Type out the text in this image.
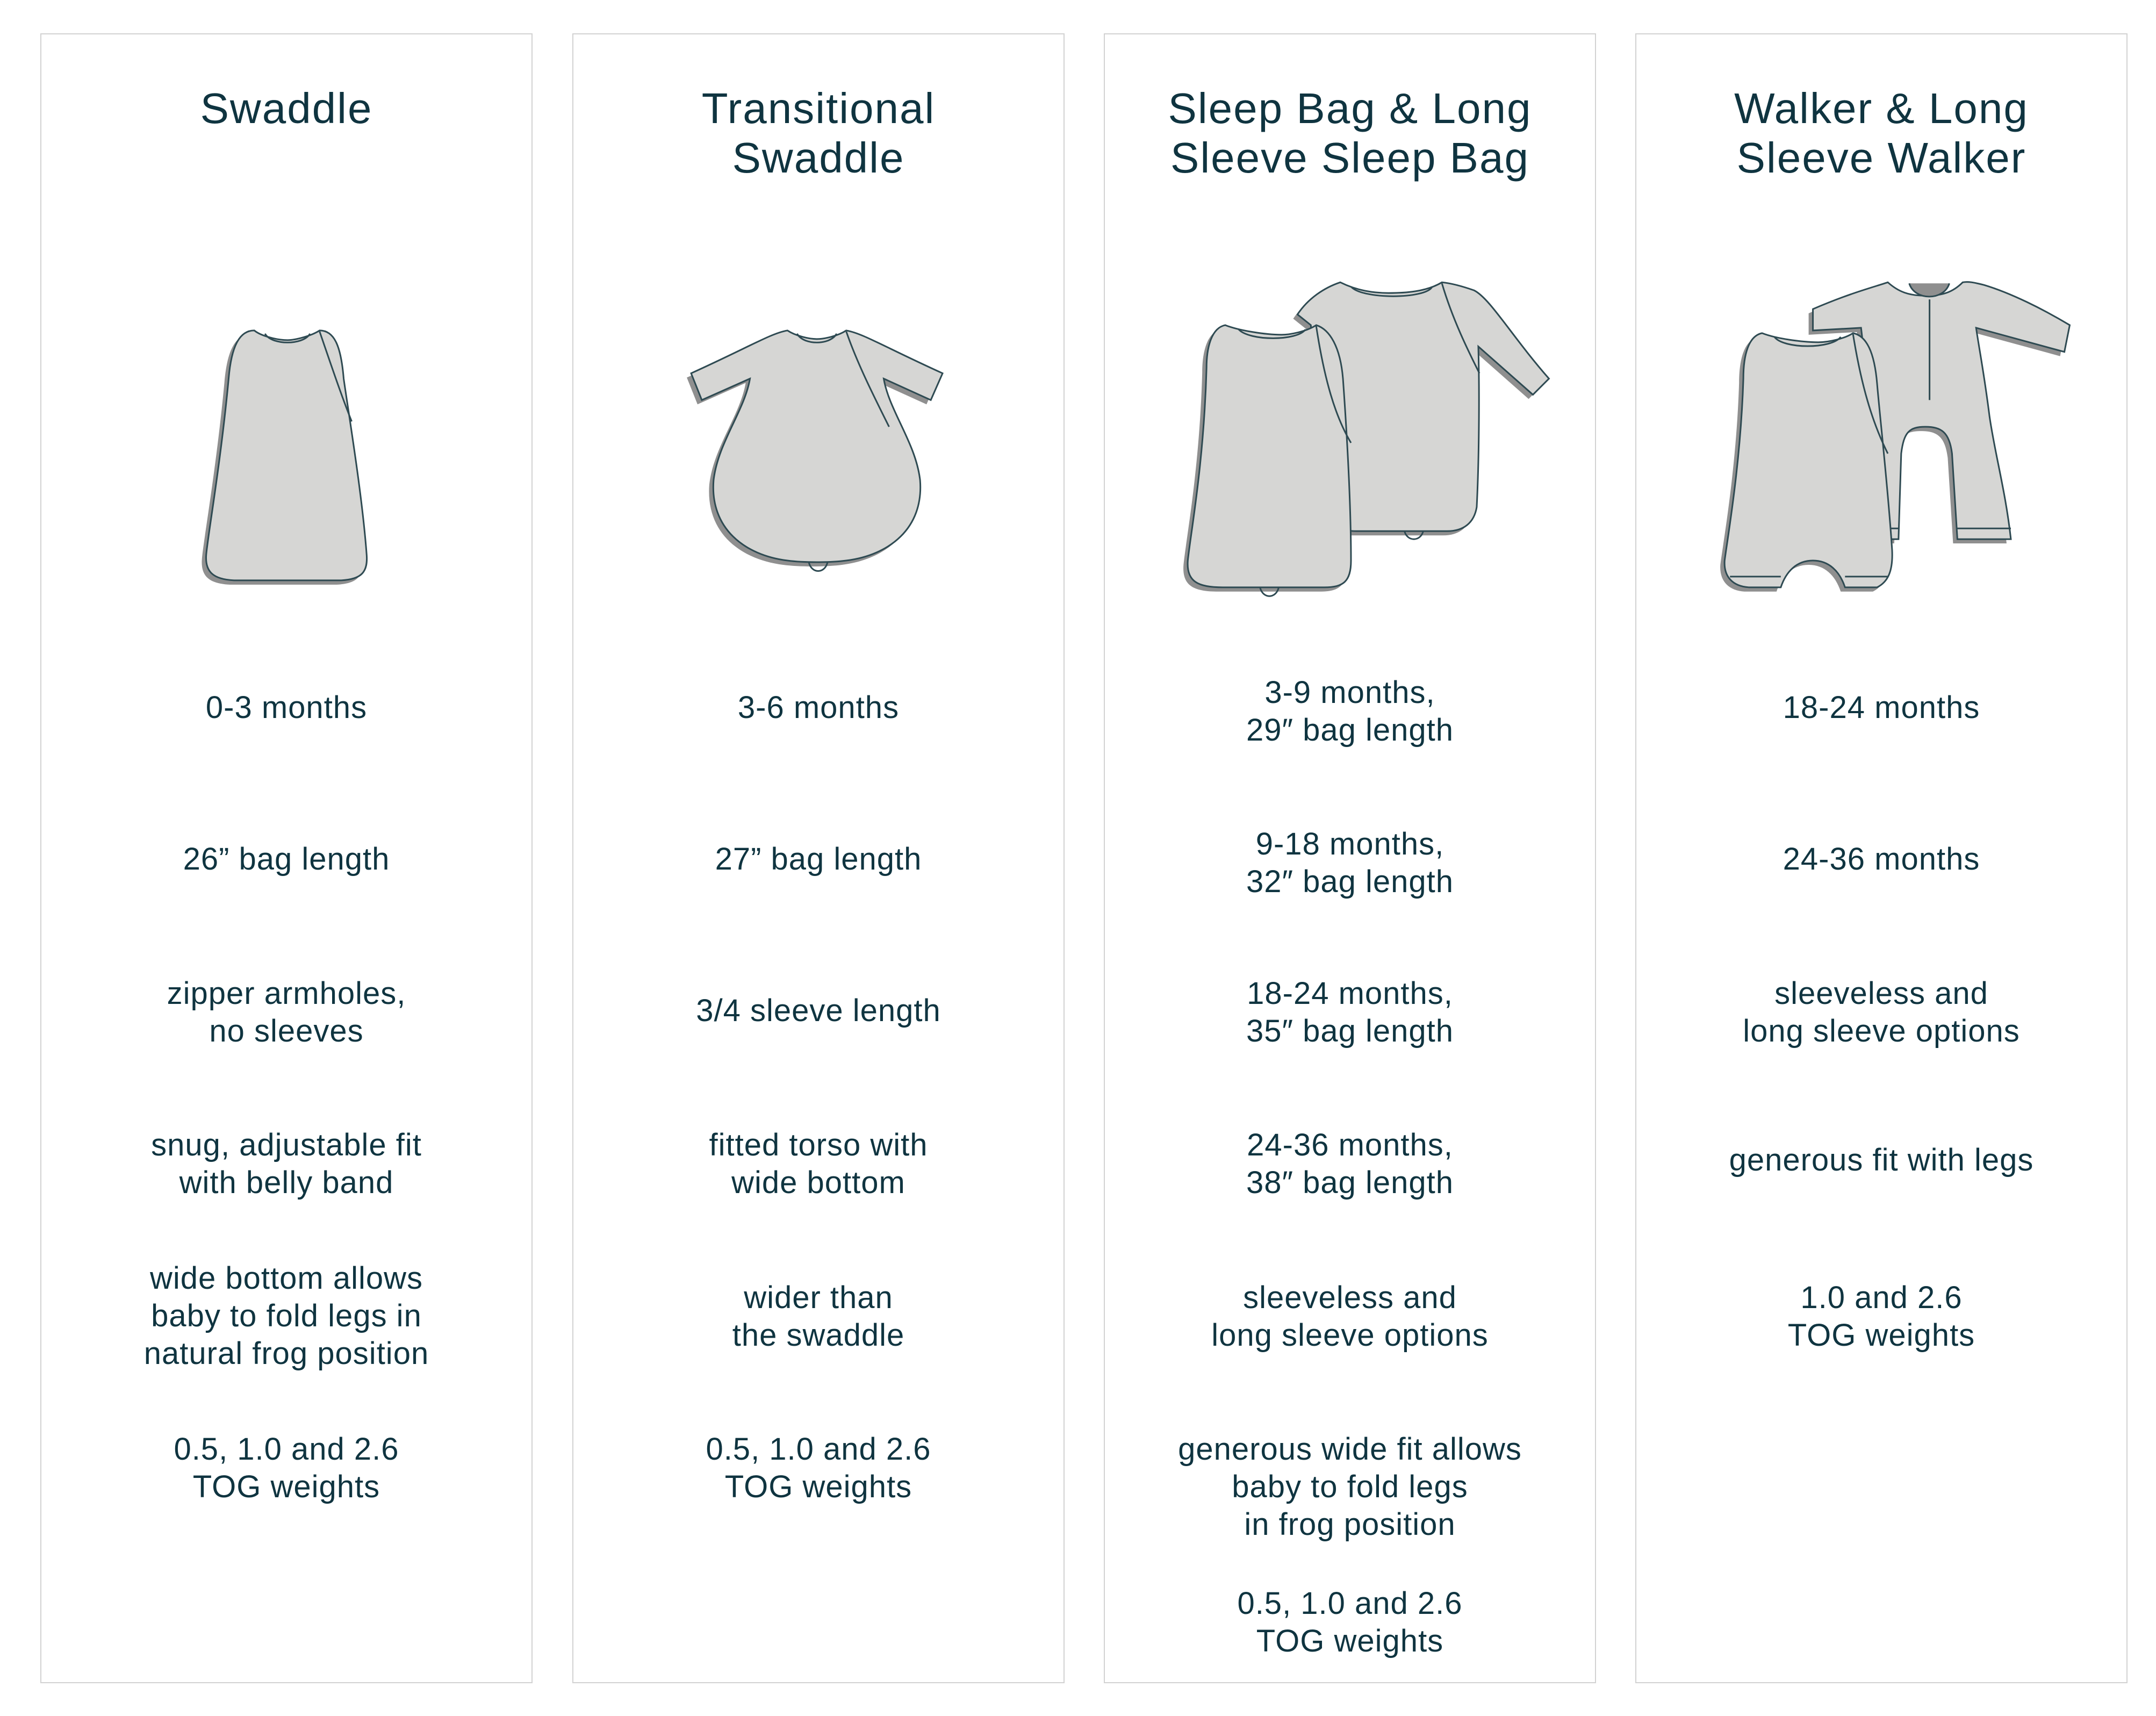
Swaddle
0-3 months
26” bag length
zipper armholes,
no sleeves
snug, adjustable fit
with belly band
wide bottom allows
baby to fold legs in
natural frog position
0.5, 1.0 and 2.6
TOG weights
Transitional
Swaddle
3-6 months
27” bag length
3/4 sleeve length
fitted torso with
wide bottom
wider than
the swaddle
0.5, 1.0 and 2.6
TOG weights
Sleep Bag & Long
Sleeve Sleep Bag
3-9 months,
29″ bag length
9-18 months,
32″ bag length
18-24 months,
35″ bag length
24-36 months,
38″ bag length
sleeveless and
long sleeve options
generous wide fit allows
baby to fold legs
in frog position
0.5, 1.0 and 2.6
TOG weights
Walker & Long
Sleeve Walker
18-24 months
24-36 months
sleeveless and
long sleeve options
generous fit with legs
1.0 and 2.6
TOG weights
